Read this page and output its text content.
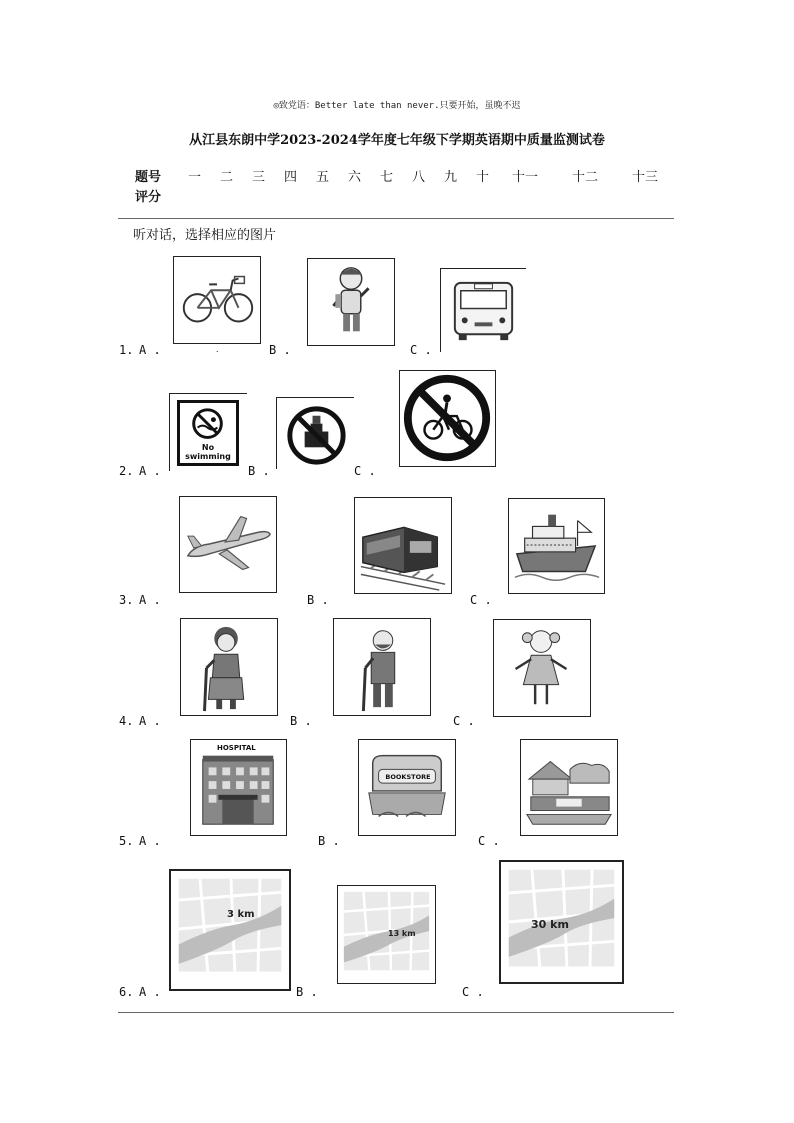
◎致党语：Better late than never.只要开始，虽晚不迟
从江县东朗中学2023-2024学年度七年级下学期英语期中质量监测试卷
题号
评分
一 二 三 四 五 六 七 八 九 十 十一	十二	十三
听对话，选择相应的图片
1. A .	.	B .	C .
2. A .
No swimming
B .	C .
3. A .	B .	C .
4. A .	B .	C .
5. A .
HOSPITAL
B .
BOOKSTORE
C .
6. A .
3 km
B .
13 km
C .
30 km
